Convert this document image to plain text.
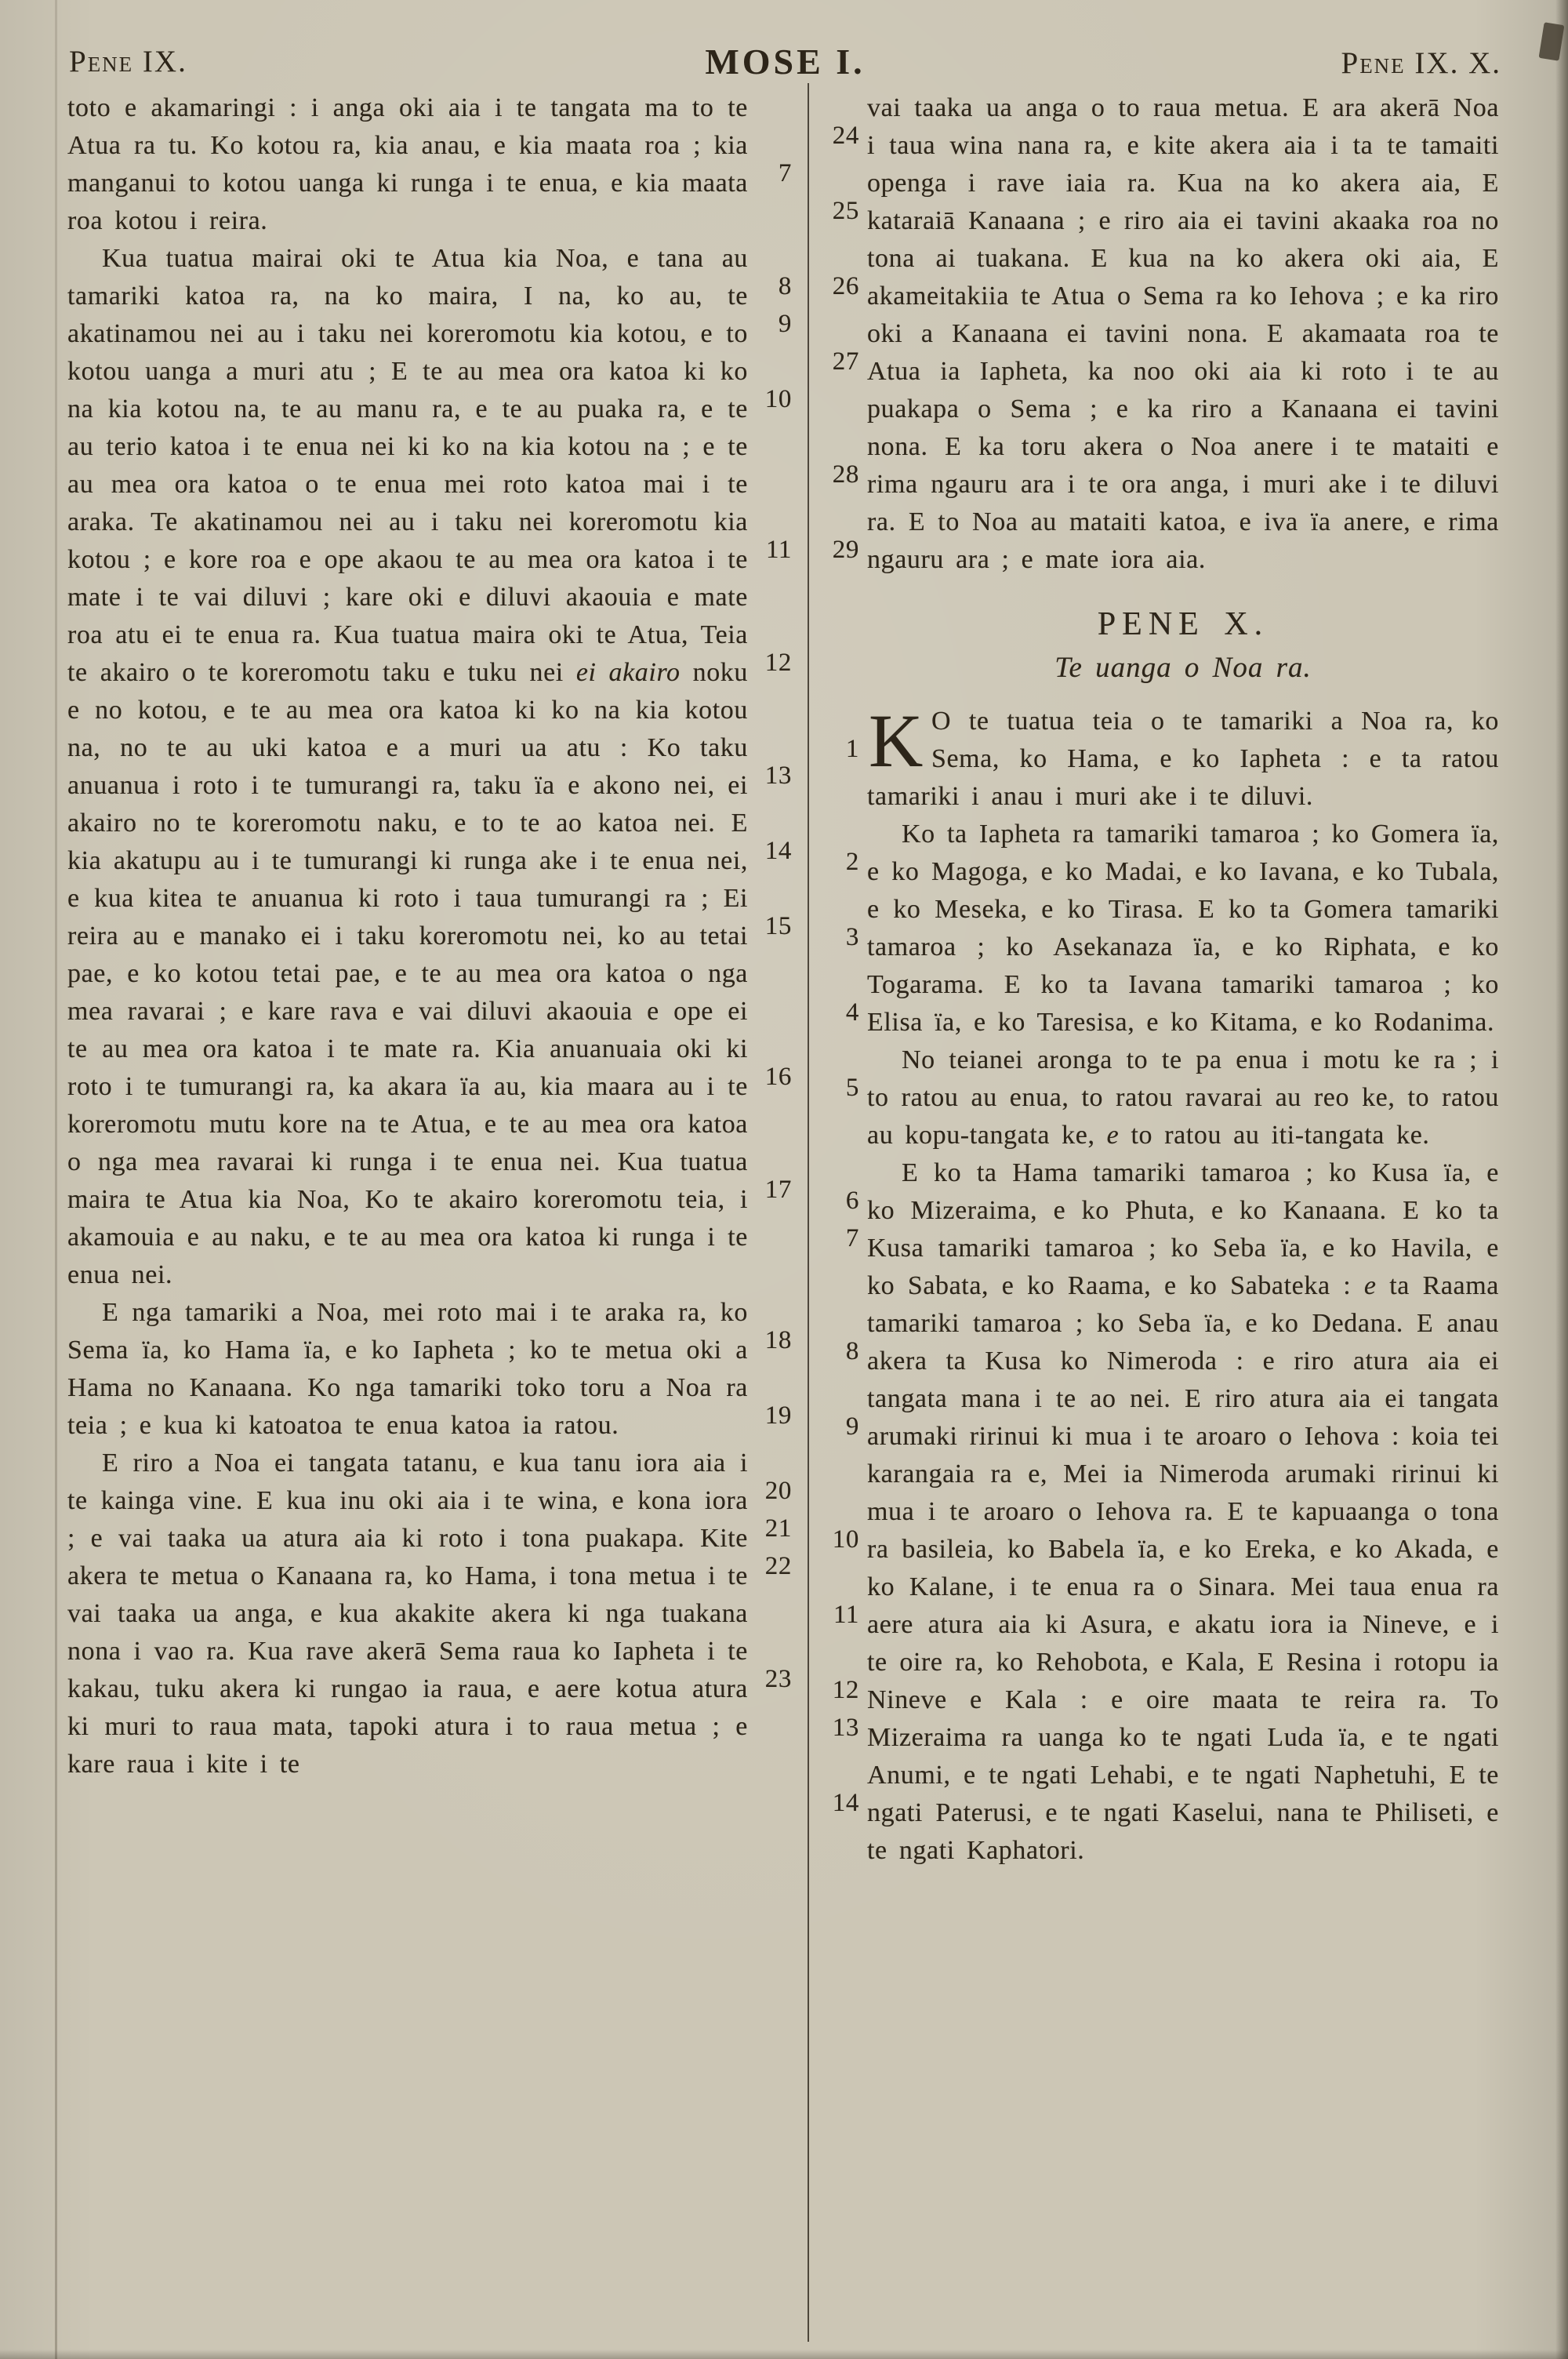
Pene IX.	MOSE I.	Pene IX. X.

toto e akamaringi : i anga oki aia i te tangata ma to te Atua ra tu. Ko kotou ra, kia anau, e kia maata roa ; kia manganui to kotou uanga ki runga i te enua, e kia maata roa kotou i reira.

Kua tuatua mairai oki te Atua kia Noa, e tana au tamariki katoa ra, na ko maira, I na, ko au, te akatinamou nei au i taku nei koreromotu kia kotou, e to kotou uanga a muri atu ; E te au mea ora katoa ki ko na kia kotou na, te au manu ra, e te au puaka ra, e te au terio katoa i te enua nei ki ko na kia kotou na ; e te au mea ora katoa o te enua mei roto katoa mai i te araka. Te akatinamou nei au i taku nei koreromotu kia kotou ; e kore roa e ope akaou te au mea ora katoa i te mate i te vai diluvi ; kare oki e diluvi akaouia e mate roa atu ei te enua ra. Kua tuatua maira oki te Atua, Teia te akairo o te koreromotu taku e tuku nei ei akairo noku e no kotou, e te au mea ora katoa ki ko na kia kotou na, no te au uki katoa e a muri ua atu : Ko taku anuanua i roto i te tumurangi ra, taku ïa e akono nei, ei akairo no te koreromotu naku, e to te ao katoa nei. E kia akatupu au i te tumurangi ki runga ake i te enua nei, e kua kitea te anuanua ki roto i taua tumurangi ra ; Ei reira au e manako ei i taku koreromotu nei, ko au tetai pae, e ko kotou tetai pae, e te au mea ora katoa o nga mea ravarai ; e kare rava e vai diluvi akaouia e ope ei te au mea ora katoa i te mate ra. Kia anuanuaia oki ki roto i te tumurangi ra, ka akara ïa au, kia maara au i te koreromotu mutu kore na te Atua, e te au mea ora katoa o nga mea ravarai ki runga i te enua nei. Kua tuatua maira te Atua kia Noa, Ko te akairo koreromotu teia, i akamouia e au naku, e te au mea ora katoa ki runga i te enua nei.

E nga tamariki a Noa, mei roto mai i te araka ra, ko Sema ïa, ko Hama ïa, e ko Iapheta ; ko te metua oki a Hama no Kanaana. Ko nga tamariki toko toru a Noa ra teia ; e kua ki katoatoa te enua katoa ia ratou.

E riro a Noa ei tangata tatanu, e kua tanu iora aia i te kainga vine. E kua inu oki aia i te wina, e kona iora ; e vai taaka ua atura aia ki roto i tona puakapa. Kite akera te metua o Kanaana ra, ko Hama, i tona metua i te vai taaka ua anga, e kua akakite akera ki nga tuakana nona i vao ra. Kua rave akerā Sema raua ko Iapheta i te kakau, tuku akera ki rungao ia raua, e aere kotua atura ki muri to raua mata, tapoki atura i to raua metua ; e kare raua i kite i te

7
8
9
10
11
12
13
14
15
16
17
18
19
20
21
22
23

vai taaka ua anga o to raua metua. E ara akerā Noa i taua wina nana ra, e kite akera aia i ta te tamaiti openga i rave iaia ra. Kua na ko akera aia, E kataraiā Kanaana ; e riro aia ei tavini akaaka roa no tona ai tuakana. E kua na ko akera oki aia, E akameitakiia te Atua o Sema ra ko Iehova ; e ka riro oki a Kanaana ei tavini nona. E akamaata roa te Atua ia Iapheta, ka noo oki aia ki roto i te au puakapa o Sema ; e ka riro a Kanaana ei tavini nona. E ka toru akera o Noa anere i te mataiti e rima ngauru ara i te ora anga, i muri ake i te diluvi ra. E to Noa au mataiti katoa, e iva ïa anere, e rima ngauru ara ; e mate iora aia.

PENE X.
Te uanga o Noa ra.

K O te tuatua teia o te tamariki a Noa ra, ko Sema, ko Hama, e ko Iapheta : e ta ratou tamariki i anau i muri ake i te diluvi.

Ko ta Iapheta ra tamariki tamaroa ; ko Gomera ïa, e ko Magoga, e ko Madai, e ko Iavana, e ko Tubala, e ko Meseka, e ko Tirasa. E ko ta Gomera tamariki tamaroa ; ko Asekanaza ïa, e ko Riphata, e ko Togarama. E ko ta Iavana tamariki tamaroa ; ko Elisa ïa, e ko Taresisa, e ko Kitama, e ko Rodanima.

No teianei aronga to te pa enua i motu ke ra ; i to ratou au enua, to ratou ravarai au reo ke, to ratou au kopu-tangata ke, e to ratou au iti-tangata ke.

E ko ta Hama tamariki tamaroa ; ko Kusa ïa, e ko Mizeraima, e ko Phuta, e ko Kanaana. E ko ta Kusa tamariki tamaroa ; ko Seba ïa, e ko Havila, e ko Sabata, e ko Raama, e ko Sabateka : e ta Raama tamariki tamaroa ; ko Seba ïa, e ko Dedana. E anau akera ta Kusa ko Nimeroda : e riro atura aia ei tangata mana i te ao nei. E riro atura aia ei tangata arumaki ririnui ki mua i te aroaro o Iehova : koia tei karangaia ra e, Mei ia Nimeroda arumaki ririnui ki mua i te aroaro o Iehova ra. E te kapuaanga o tona ra basileia, ko Babela ïa, e ko Ereka, e ko Akada, e ko Kalane, i te enua ra o Sinara. Mei taua enua ra aere atura aia ki Asura, e akatu iora ia Nineve, e i te oire ra, ko Rehobota, e Kala, E Resina i rotopu ia Nineve e Kala : e oire maata te reira ra. To Mizeraima ra uanga ko te ngati Luda ïa, e te ngati Anumi, e te ngati Lehabi, e te ngati Naphetuhi, E te ngati Paterusi, e te ngati Kaselui, nana te Philiseti, e te ngati Kaphatori.

24
25
26
27
28
29
1
2
3
4
5
6
7
8
9
10
11
12
13
14
